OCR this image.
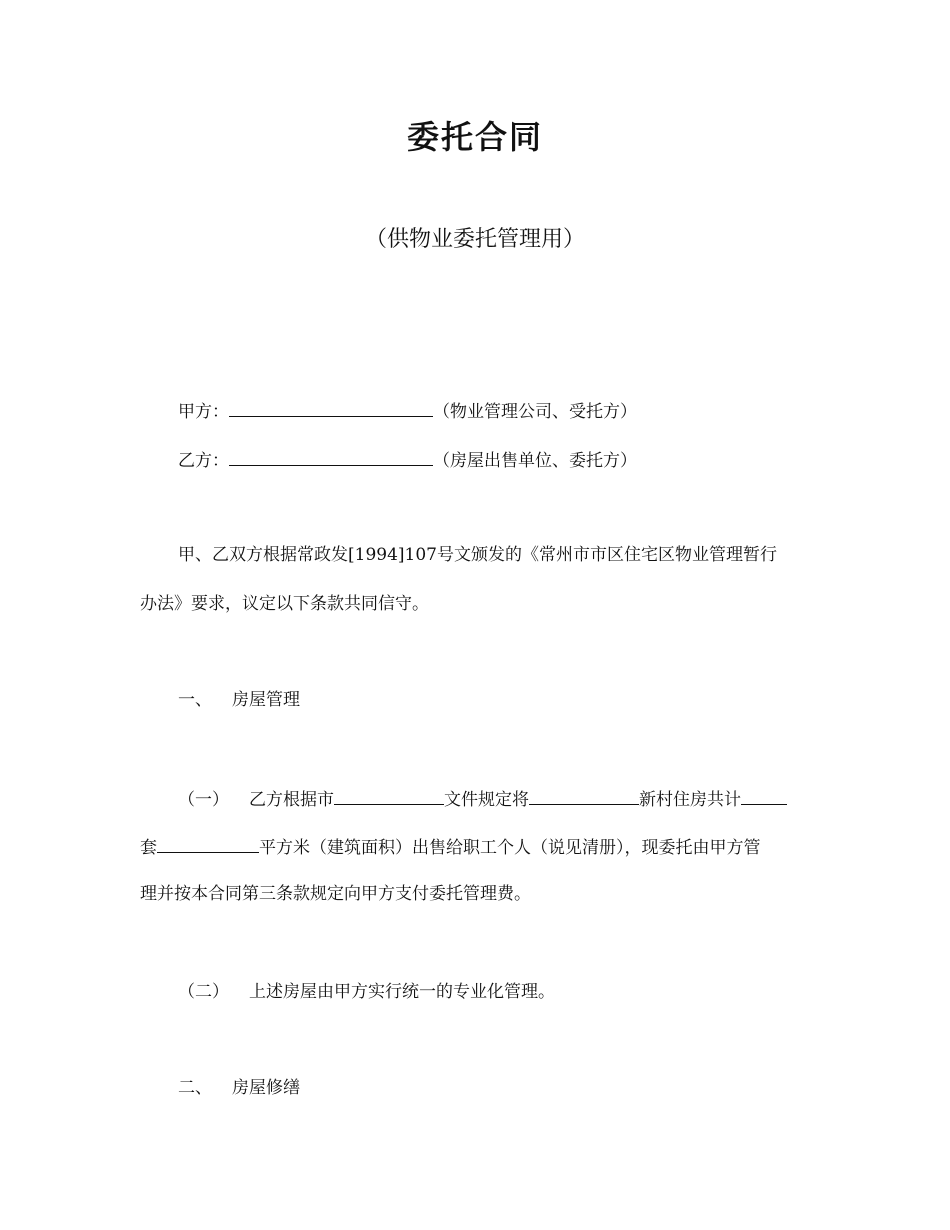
委托合同

（供物业委托管理用）

甲方：	（物业管理公司、受托方）

乙方：	（房屋出售单位、委托方）

甲、乙双方根据常政发[1994]107号文颁发的《常州市市区住宅区物业管理暂行

办法》要求，议定以下条款共同信守。

一、 房屋管理

（一） 乙方根据市	文件规定将	新村住房共计

套	平方米（建筑面积）出售给职工个人（说见清册），现委托由甲方管

理并按本合同第三条款规定向甲方支付委托管理费。

（二） 上述房屋由甲方实行统一的专业化管理。

二、 房屋修缮
